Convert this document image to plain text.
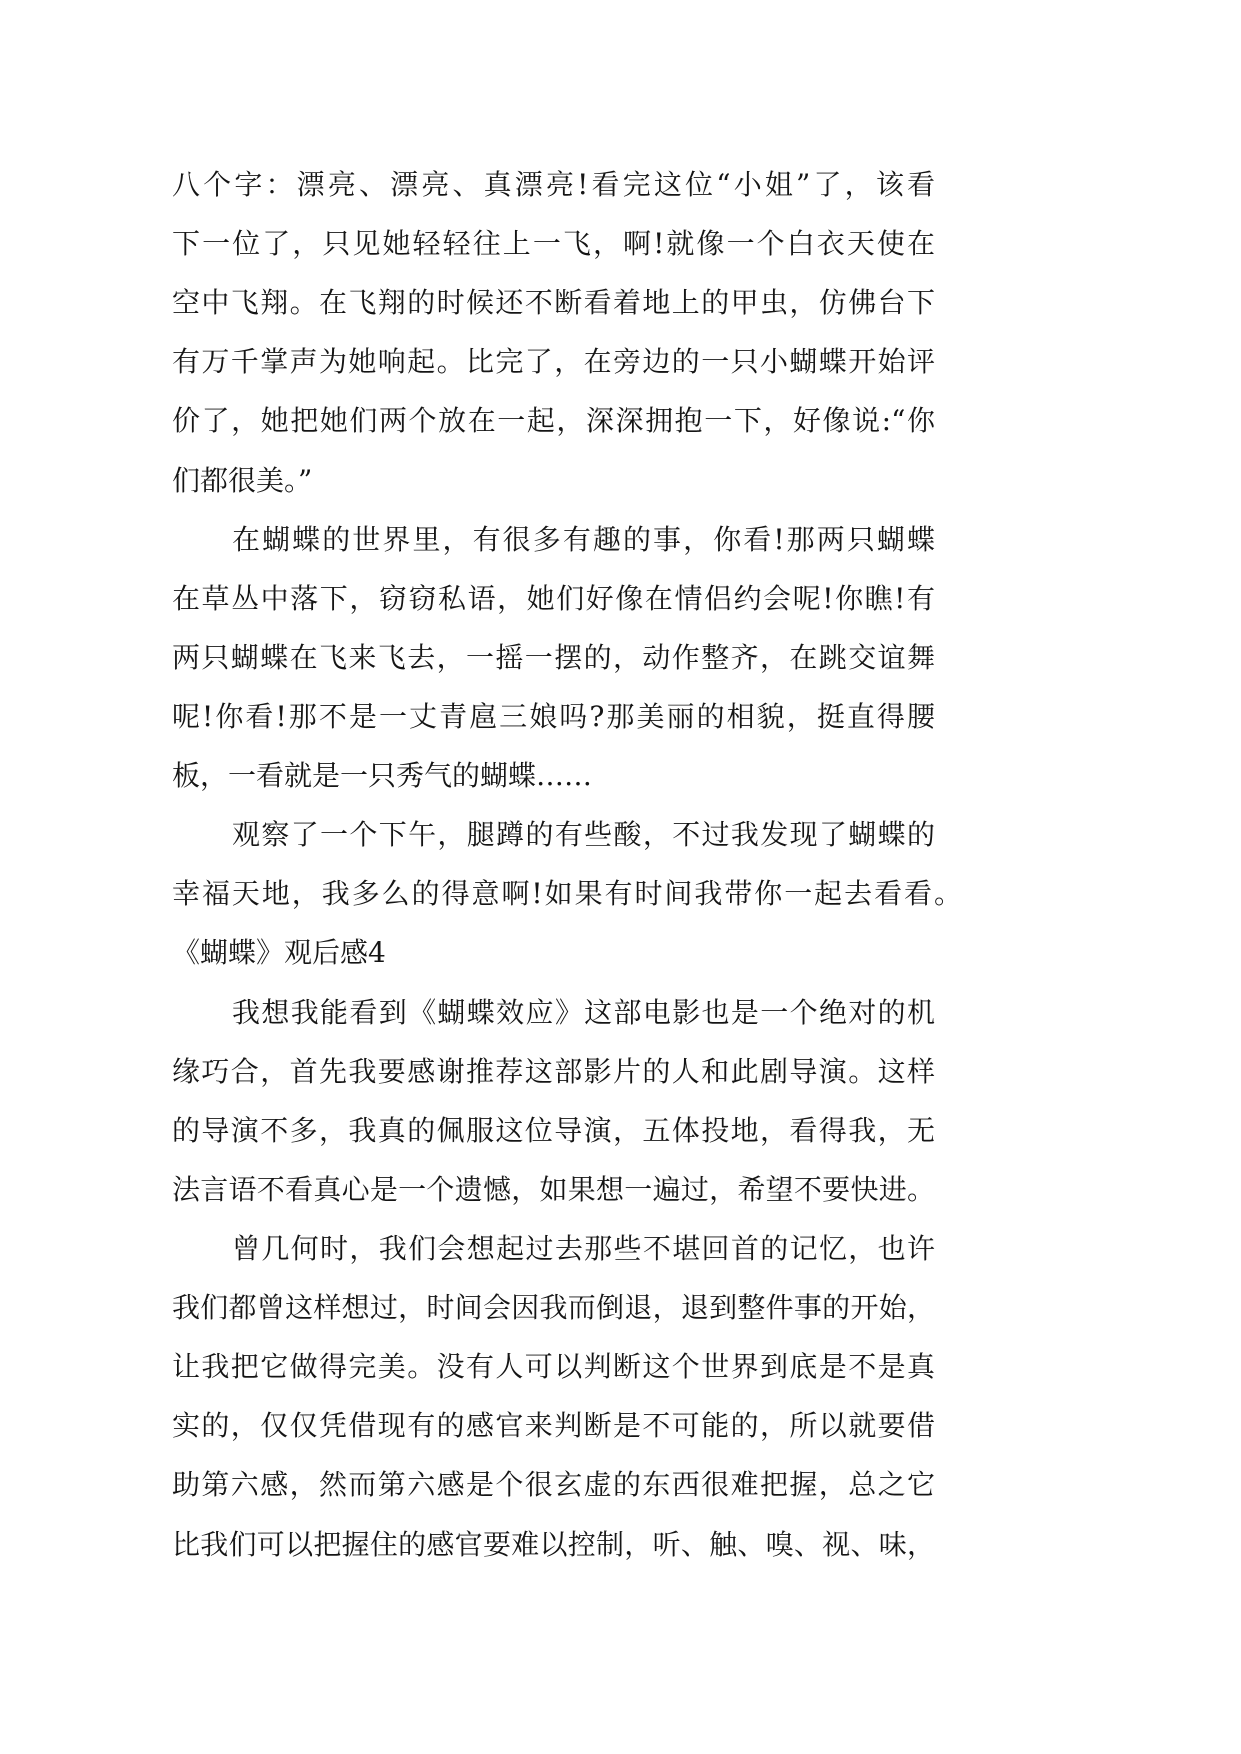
八个字：漂亮、漂亮、真漂亮!看完这位“小姐”了，该看
下一位了，只见她轻轻往上一飞，啊!就像一个白衣天使在
空中飞翔。在飞翔的时候还不断看着地上的甲虫，仿佛台下
有万千掌声为她响起。比完了，在旁边的一只小蝴蝶开始评
价了，她把她们两个放在一起，深深拥抱一下，好像说:“你
们都很美。”
在蝴蝶的世界里，有很多有趣的事，你看!那两只蝴蝶
在草丛中落下，窃窃私语，她们好像在情侣约会呢!你瞧!有
两只蝴蝶在飞来飞去，一摇一摆的，动作整齐，在跳交谊舞
呢!你看!那不是一丈青扈三娘吗?那美丽的相貌，挺直得腰
板，一看就是一只秀气的蝴蝶……
观察了一个下午，腿蹲的有些酸，不过我发现了蝴蝶的
幸福天地，我多么的得意啊!如果有时间我带你一起去看看。
《蝴蝶》观后感4
我想我能看到《蝴蝶效应》这部电影也是一个绝对的机
缘巧合，首先我要感谢推荐这部影片的人和此剧导演。这样
的导演不多，我真的佩服这位导演，五体投地，看得我，无
法言语不看真心是一个遗憾，如果想一遍过，希望不要快进。
曾几何时，我们会想起过去那些不堪回首的记忆，也许
我们都曾这样想过，时间会因我而倒退，退到整件事的开始，
让我把它做得完美。没有人可以判断这个世界到底是不是真
实的，仅仅凭借现有的感官来判断是不可能的，所以就要借
助第六感，然而第六感是个很玄虚的东西很难把握，总之它
比我们可以把握住的感官要难以控制，听、触、嗅、视、味，
